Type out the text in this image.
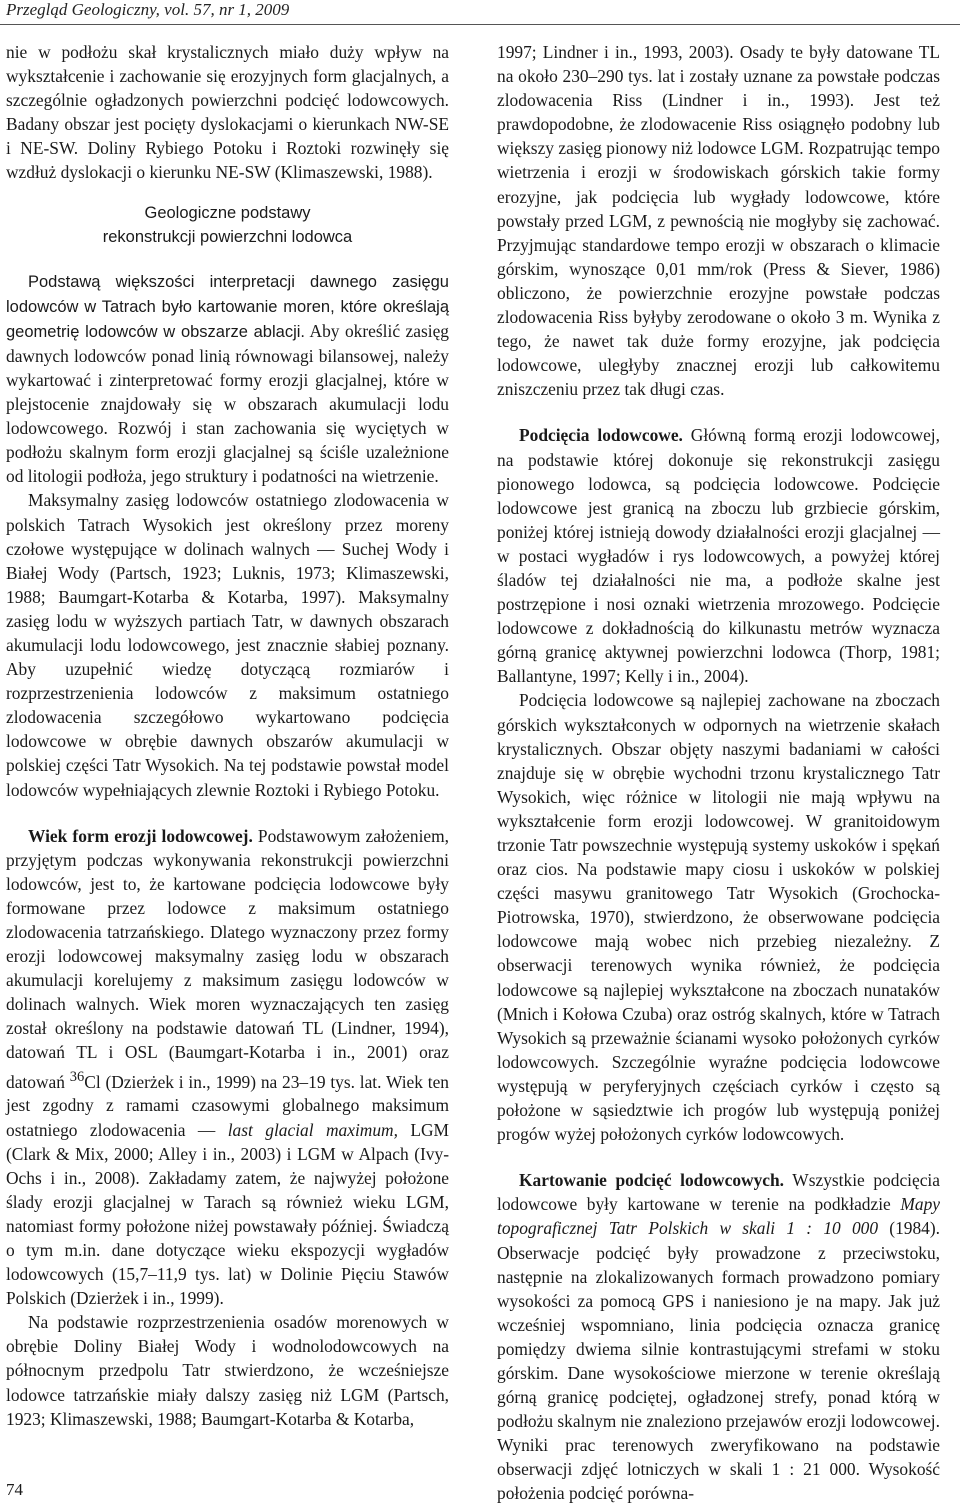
Przegląd Geologiczny, vol. 57, nr 1, 2009

nie w podłożu skał krystalicznych miało duży wpływ na wykształcenie i zachowanie się erozyjnych form glacjalnych, a szczególnie ogładzonych powierzchni podcięć lodowcowych. Badany obszar jest pocięty dyslokacjami o kierunkach NW-SE i NE-SW. Doliny Rybiego Potoku i Roztoki rozwinęły się wzdłuż dyslokacji o kierunku NE-SW (Klimaszewski, 1988).

Geologiczne podstawy
rekonstrukcji powierzchni lodowca

Podstawą większości interpretacji dawnego zasięgu lodowców w Tatrach było kartowanie moren, które określają geometrię lodowców w obszarze ablacji. Aby określić zasięg dawnych lodowców ponad linią równowagi bilansowej, należy wykartować i zinterpretować formy erozji glacjalnej, które w plejstocenie znajdowały się w obszarach akumulacji lodu lodowcowego. Rozwój i stan zachowania się wyciętych w podłożu skalnym form erozji glacjalnej są ściśle uzależnione od litologii podłoża, jego struktury i podatności na wietrzenie.

Maksymalny zasięg lodowców ostatniego zlodowacenia w polskich Tatrach Wysokich jest określony przez moreny czołowe występujące w dolinach walnych — Suchej Wody i Białej Wody (Partsch, 1923; Luknis, 1973; Klimaszewski, 1988; Baumgart-Kotarba & Kotarba, 1997). Maksymalny zasięg lodu w wyższych partiach Tatr, w dawnych obszarach akumulacji lodu lodowcowego, jest znacznie słabiej poznany. Aby uzupełnić wiedzę dotyczącą rozmiarów i rozprzestrzenienia lodowców z maksimum ostatniego zlodowacenia szczegółowo wykartowano podcięcia lodowcowe w obrębie dawnych obszarów akumulacji w polskiej części Tatr Wysokich. Na tej podstawie powstał model lodowców wypełniających zlewnie Roztoki i Rybiego Potoku.

Wiek form erozji lodowcowej. Podstawowym założeniem, przyjętym podczas wykonywania rekonstrukcji powierzchni lodowców, jest to, że kartowane podcięcia lodowcowe były formowane przez lodowce z maksimum ostatniego zlodowacenia tatrzańskiego. Dlatego wyznaczony przez formy erozji lodowcowej maksymalny zasięg lodu w obszarach akumulacji korelujemy z maksimum zasięgu lodowców w dolinach walnych. Wiek moren wyznaczających ten zasięg został określony na podstawie datowań TL (Lindner, 1994), datowań TL i OSL (Baumgart-Kotarba i in., 2001) oraz datowań $^{36}$Cl (Dzierżek i in., 1999) na 23–19 tys. lat. Wiek ten jest zgodny z ramami czasowymi globalnego maksimum ostatniego zlodowacenia — last glacial maximum, LGM (Clark & Mix, 2000; Alley i in., 2003) i LGM w Alpach (Ivy-Ochs i in., 2008). Zakładamy zatem, że najwyżej położone ślady erozji glacjalnej w Tarach są również wieku LGM, natomiast formy położone niżej powstawały później. Świadczą o tym m.in. dane dotyczące wieku ekspozycji wygładów lodowcowych (15,7–11,9 tys. lat) w Dolinie Pięciu Stawów Polskich (Dzierżek i in., 1999).

Na podstawie rozprzestrzenienia osadów morenowych w obrębie Doliny Białej Wody i wodnolodowcowych na północnym przedpolu Tatr stwierdzono, że wcześniejsze lodowce tatrzańskie miały dalszy zasięg niż LGM (Partsch, 1923; Klimaszewski, 1988; Baumgart-Kotarba & Kotarba,

1997; Lindner i in., 1993, 2003). Osady te były datowane TL na około 230–290 tys. lat i zostały uznane za powstałe podczas zlodowacenia Riss (Lindner i in., 1993). Jest też prawdopodobne, że zlodowacenie Riss osiągnęło podobny lub większy zasięg pionowy niż lodowce LGM. Rozpatrując tempo wietrzenia i erozji w środowiskach górskich takie formy erozyjne, jak podcięcia lub wygłady lodowcowe, które powstały przed LGM, z pewnością nie mogłyby się zachować. Przyjmując standardowe tempo erozji w obszarach o klimacie górskim, wynoszące 0,01 mm/rok (Press & Siever, 1986) obliczono, że powierzchnie erozyjne powstałe podczas zlodowacenia Riss byłyby zerodowane o około 3 m. Wynika z tego, że nawet tak duże formy erozyjne, jak podcięcia lodowcowe, uległyby znacznej erozji lub całkowitemu zniszczeniu przez tak długi czas.

Podcięcia lodowcowe. Główną formą erozji lodowcowej, na podstawie której dokonuje się rekonstrukcji zasięgu pionowego lodowca, są podcięcia lodowcowe. Podcięcie lodowcowe jest granicą na zboczu lub grzbiecie górskim, poniżej której istnieją dowody działalności erozji glacjalnej — w postaci wygładów i rys lodowcowych, a powyżej której śladów tej działalności nie ma, a podłoże skalne jest postrzępione i nosi oznaki wietrzenia mrozowego. Podcięcie lodowcowe z dokładnością do kilkunastu metrów wyznacza górną granicę aktywnej powierzchni lodowca (Thorp, 1981; Ballantyne, 1997; Kelly i in., 2004).

Podcięcia lodowcowe są najlepiej zachowane na zboczach górskich wykształconych w odpornych na wietrzenie skałach krystalicznych. Obszar objęty naszymi badaniami w całości znajduje się w obrębie wychodni trzonu krystalicznego Tatr Wysokich, więc różnice w litologii nie mają wpływu na wykształcenie form erozji lodowcowej. W granitoidowym trzonie Tatr powszechnie występują systemy uskoków i spękań oraz cios. Na podstawie mapy ciosu i uskoków w polskiej części masywu granitowego Tatr Wysokich (Grochocka-Piotrowska, 1970), stwierdzono, że obserwowane podcięcia lodowcowe mają wobec nich przebieg niezależny. Z obserwacji terenowych wynika również, że podcięcia lodowcowe są najlepiej wykształcone na zboczach nunataków (Mnich i Kołowa Czuba) oraz ostróg skalnych, które w Tatrach Wysokich są przeważnie ścianami wysoko położonych cyrków lodowcowych. Szczególnie wyraźne podcięcia lodowcowe występują w peryferyjnych częściach cyrków i często są położone w sąsiedztwie ich progów lub występują poniżej progów wyżej położonych cyrków lodowcowych.

Kartowanie podcięć lodowcowych. Wszystkie podcięcia lodowcowe były kartowane w terenie na podkładzie Mapy topograficznej Tatr Polskich w skali 1 : 10 000 (1984). Obserwacje podcięć były prowadzone z przeciwstoku, następnie na zlokalizowanych formach prowadzono pomiary wysokości za pomocą GPS i naniesiono je na mapy. Jak już wcześniej wspomniano, linia podcięcia oznacza granicę pomiędzy dwiema silnie kontrastującymi strefami w stoku górskim. Dane wysokościowe mierzone w terenie określają górną granicę podciętej, ogładzonej strefy, ponad którą w podłożu skalnym nie znaleziono przejawów erozji lodowcowej. Wyniki prac terenowych zweryfikowano na podstawie obserwacji zdjęć lotniczych w skali 1 : 21 000. Wysokość położenia podcięć porówna-

74
